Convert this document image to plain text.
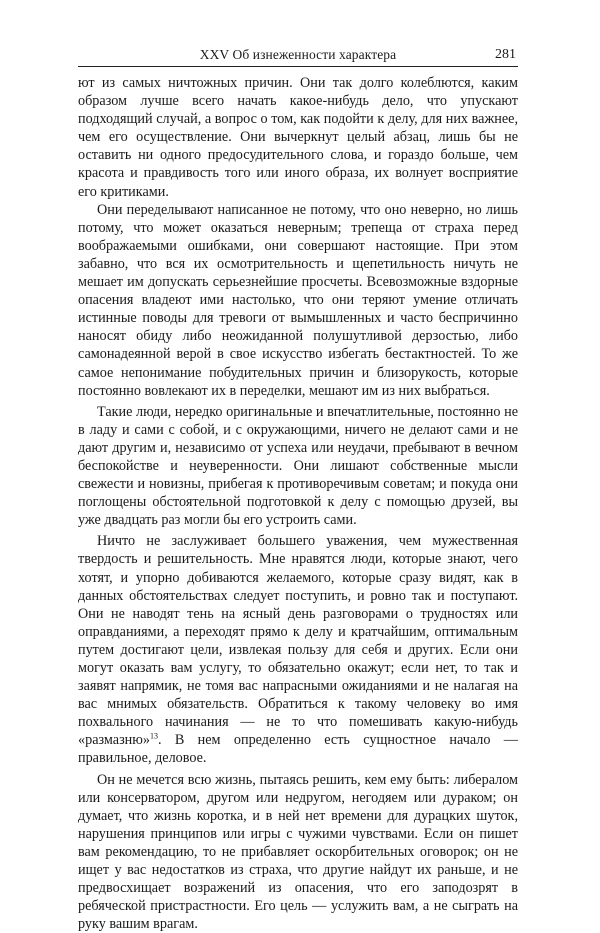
XXV Об изнеженности характера	281

ют из самых ничтожных причин. Они так долго колеблются, каким образом лучше всего начать какое-нибудь дело, что упускают подходящий случай, а вопрос о том, как подойти к делу, для них важнее, чем его осуществление. Они вычеркнут целый абзац, лишь бы не оставить ни одного предосудительного слова, и гораздо больше, чем красота и правдивость того или иного образа, их волнует восприятие его критиками.

Они переделывают написанное не потому, что оно неверно, но лишь потому, что может оказаться неверным; трепеща от страха перед воображаемыми ошибками, они совершают настоящие. При этом забавно, что вся их осмотрительность и щепетильность ничуть не мешает им допускать серьезнейшие просчеты. Всевозможные вздорные опасения владеют ими настолько, что они теряют умение отличать истинные поводы для тревоги от вымышленных и часто беспричинно наносят обиду либо неожиданной полушутливой дерзостью, либо самонадеянной верой в свое искусство избегать бестактностей. То же самое непонимание побудительных причин и близорукость, которые постоянно вовлекают их в переделки, мешают им из них выбраться.

Такие люди, нередко оригинальные и впечатлительные, постоянно не в ладу и сами с собой, и с окружающими, ничего не делают сами и не дают другим и, независимо от успеха или неудачи, пребывают в вечном беспокойстве и неуверенности. Они лишают собственные мысли свежести и новизны, прибегая к противоречивым советам; и покуда они поглощены обстоятельной подготовкой к делу с помощью друзей, вы уже двадцать раз могли бы его устроить сами.

Ничто не заслуживает большего уважения, чем мужественная твердость и решительность. Мне нравятся люди, которые знают, чего хотят, и упорно добиваются желаемого, которые сразу видят, как в данных обстоятельствах следует поступить, и ровно так и поступают. Они не наводят тень на ясный день разговорами о трудностях или оправданиями, а переходят прямо к делу и кратчайшим, оптимальным путем достигают цели, извлекая пользу для себя и других. Если они могут оказать вам услугу, то обязательно окажут; если нет, то так и заявят напрямик, не томя вас напрасными ожиданиями и не налагая на вас мнимых обязательств. Обратиться к такому человеку во имя похвального начинания — не то что помешивать какую-нибудь «размазню»$^{13}$. В нем определенно есть сущностное начало — правильное, деловое.

Он не мечется всю жизнь, пытаясь решить, кем ему быть: либералом или консерватором, другом или недругом, негодяем или дураком; он думает, что жизнь коротка, и в ней нет времени для дурацких шуток, нарушения принципов или игры с чужими чувствами. Если он пишет вам рекомендацию, то не прибавляет оскорбительных оговорок; он не ищет у вас недостатков из страха, что другие найдут их раньше, и не предвосхищает возражений из опасения, что его заподозрят в ребяческой пристрастности. Его цель — услужить вам, а не сыграть на руку вашим врагам.
